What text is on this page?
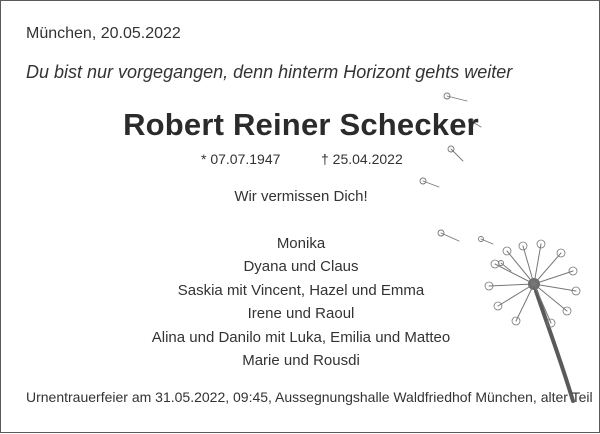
München, 20.05.2022
Du bist nur vorgegangen, denn hinterm Horizont gehts weiter
Robert Reiner Schecker
* 07.07.1947	† 25.04.2022
Wir vermissen Dich!
Monika
Dyana und Claus
Saskia mit Vincent, Hazel und Emma
Irene und Raoul
Alina und Danilo mit Luka, Emilia und Matteo
Marie und Rousdi
Urnentrauerfeier am 31.05.2022, 09:45, Aussegnungshalle Waldfriedhof München, alter Teil
